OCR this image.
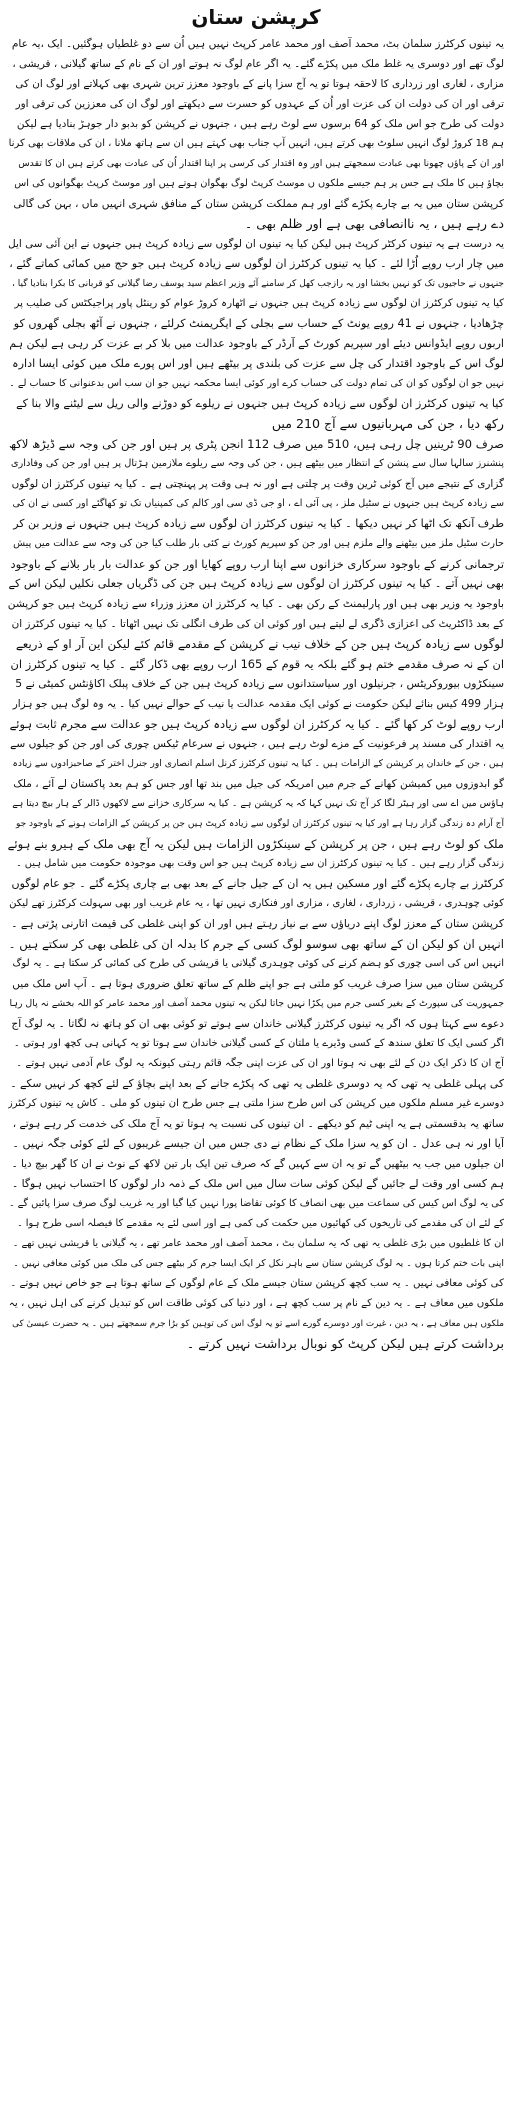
کرپشن ستان

یہ تینوں کرکٹرز سلمان بٹ، محمد آصف اور محمد عامر کرپٹ نہیں ہیں اُن سے دو غلطیاں ہوگئیں۔ ایک ،یہ عام
لوگ تھے اور دوسری یہ غلط ملک میں پکڑے گئے۔ یہ اگر عام لوگ نہ ہوتے اور ان کے نام کے ساتھ گیلانی ، قریشی ،
مزاری ، لغاری اور زرداری کا لاحقہ ہوتا تو یہ آج سزا پانے کے باوجود معزز ترین شہری بھی کہلاتے اور لوگ ان کی
ترقی اور ان کی دولت ان کی عزت اور اُن کے عہدوں کو حسرت سے دیکھتے اور لوگ ان کی معززین کی ترقی اور
دولت کی طرح جو اس ملک کو 64 برسوں سے لوٹ رہے ہیں ، جنہوں نے کرپشن کو بدبو دار جوہڑ بنادیا ہے لیکن
ہم 18 کروڑ لوگ انہیں سلوٹ بھی کرتے ہیں، انہیں آپ جناب بھی کہتے ہیں ان سے ہاتھ ملانا ، ان کی ملاقات بھی کرنا
اور ان کے پاؤں چھونا بھی عبادت سمجھتے ہیں اور وہ اقتدار کی کرسی پر اپنا اقتدار اُن کی عبادت بھی کرتے ہیں ان کا تقدس
بچاؤ ہیں کا ملک ہے جس پر ہم جیسے ملکوں ں موسٹ کرپٹ لوگ بھگوان ہوتے ہیں اور موسٹ کرپٹ بھگوانوں کی اس
کرپشن ستان میں یہ بے چارے پکڑے گئے اور ہم مملکت کرپشن ستان کے منافق شہری انہیں ماں ، بہن کی گالی
دے رہے ہیں ، یہ ناانصافی بھی ہے اور ظلم بھی ۔

یہ درست ہے یہ تینوں کرکٹر کرپٹ ہیں لیکن کیا یہ تینوں ان لوگوں سے زیادہ کرپٹ ہیں جنہوں نے این آئی سی ایل
میں چار ارب روپے اُڑا لئے ۔ کیا یہ تینوں کرکٹرز ان لوگوں سے زیادہ کرپٹ ہیں جو حج میں کمائی کماتے گئے ،
جنہوں نے حاجیوں تک کو نہیں بخشا اور یہ رازجب کھل کر سامنے آئے وزیر اعظم سید یوسف رضا گیلانی کو قربانی کا بکرا بنادیا گیا ،
کیا یہ تینوں کرکٹرز ان لوگوں سے زیادہ کرپٹ ہیں جنہوں نے اٹھارہ کروڑ عوام کو رینٹل پاور پراجیکٹس کی صلیب پر
چڑھادیا ، جنہوں نے 41 روپے یونٹ کے حساب سے بجلی کے ایگریمنٹ کرلئے ، جنہوں نے آٹھ بجلی گھروں کو
اربوں روپے ایڈوانس دیئے اور سپریم کورٹ کے آرڈر کے باوجود عدالت میں بلا کر بے عزت کر رہی ہے لیکن ہم
لوگ اس کے باوجود اقتدار کی چل سے عزت کی بلندی پر بیٹھے ہیں اور اس پورے ملک میں کوئی ایسا ادارہ
نہیں جو ان لوگوں کو ان کی تمام دولت کی حساب کرے اور کوئی ایسا محکمہ نہیں جو ان سب اس بدعنوانی کا حساب لے ۔

کیا یہ تینوں کرکٹرز ان لوگوں سے زیادہ کرپٹ ہیں جنہوں نے ریلوے کو دوڑنے والی ریل سے لیٹنے والا بنا کے
رکھ دیا ، جن کی مہربانیوں سے آج 210 میں
صرف 90 ٹرینیں چل رہی ہیں، 510 میں صرف 112 انجن پٹری پر ہیں اور جن کی وجہ سے ڈیڑھ لاکھ
پنشنرز سالہا سال سے پنشن کے انتظار میں بیٹھے ہیں ، جن کی وجہ سے ریلوے ملازمین ہڑتال پر ہیں اور جن کی وفاداری
گزاری کے نتیجے میں آج کوئی ٹرین وقت پر چلتی ہے اور نہ ہی وقت پر پہنچتی ہے ۔ کیا یہ تینوں کرکٹرز ان لوگوں
سے زیادہ کرپٹ ہیں جنہوں نے سٹیل ملز ، پی آئی اے ، او جی ڈی سی اور کالم کی کمپنیاں تک تو کھاگئے اور کسی نے ان کی
طرف آنکھ تک اٹھا کر نہیں دیکھا ۔ کیا یہ تینوں کرکٹرز ان لوگوں سے زیادہ کرپٹ ہیں جنہوں نے وزیر بن کر
حارث سٹیل ملز میں بیٹھنے والے ملزم ہیں اور جن کو سپریم کورٹ نے کئی بار طلب کیا جن کی وجہ سے عدالت میں پیش
ترجمانی کرنے کے باوجود سرکاری خزانوں سے اپنا ارب روپے کھایا اور جن کو عدالت بار بار بلانے کے باوجود
بھی نہیں آتے ۔ کیا یہ تینوں کرکٹرز ان لوگوں سے زیادہ کرپٹ ہیں جن کی ڈگریاں جعلی نکلیں لیکن اس کے
باوجود یہ وزیر بھی ہیں اور پارلیمنٹ کے رکن بھی ۔ کیا یہ کرکٹرز ان معزز وزراء سے زیادہ کرپٹ ہیں جو کرپشن
کے بعد ڈاکٹریٹ کی اعزازی ڈگری لے لیتے ہیں اور کوئی ان کی طرف انگلی تک نہیں اٹھاتا ۔ کیا یہ تینوں کرکٹرز ان
لوگوں سے زیادہ کرپٹ ہیں جن کے خلاف نیب نے کرپشن کے مقدمے قائم کئے لیکن این آر او کے ذریعے
ان کے نہ صرف مقدمے ختم ہو گئے بلکہ یہ قوم کے 165 ارب روپے بھی ڈکار گئے ۔ کیا یہ تینوں کرکٹرز ان
سینکڑوں بیوروکریٹس ، جرنیلوں اور سیاستدانوں سے زیادہ کرپٹ ہیں جن کے خلاف پبلک اکاؤنٹس کمیٹی نے 5
ہزار 499 کیس بنائے لیکن حکومت نے کوئی ایک مقدمہ عدالت یا نیب کے حوالے نہیں کیا ۔ یہ وہ لوگ ہیں جو ہزار
ارب روپے لوٹ کر کھا گئے ۔ کیا یہ کرکٹرز ان لوگوں سے زیادہ کرپٹ ہیں جو عدالت سے مجرم ثابت ہوئے
یہ اقتدار کی مسند پر فرعونیت کے مزے لوٹ رہے ہیں ، جنہوں نے سرعام ٹیکس چوری کی اور جن کو جیلوں سے
ہیں ، جن کے خاندان پر کرپشن کے الزامات ہیں ۔ کیا یہ تینوں کرکٹرز کرنل اسلم انصاری اور جنرل اختر کے صاحبزادوں سے زیادہ
گو ابدوزوں میں کمیشن کھانے کے جرم میں امریکہ کی جیل میں بند تھا اور جس کو ہم بعد پاکستان لے آئے ، ملک
ہاؤس میں اے سی اور ہیٹر لگا کر آج تک نہیں کہا کہ یہ کرپشن ہے ۔ کیا یہ سرکاری خزانے سے لاکھوں ڈالر کے ہار بیچ دیتا ہے
آج آرام دہ زندگی گزار رہا ہے اور کیا یہ تینوں کرکٹرز ان لوگوں سے زیادہ کرپٹ ہیں جن پر کرپشن کے الزامات ہونے کے باوجود جو
ملک کو لوٹ رہے ہیں ، جن پر کرپشن کے سینکڑوں الزامات ہیں لیکن یہ آج بھی ملک کے ہیرو بنے ہوئے
زندگی گزار رہے ہیں ۔ کیا یہ تینوں کرکٹرز ان سے زیادہ کرپٹ ہیں جو اس وقت بھی موجودہ حکومت میں شامل ہیں ۔

کرکٹرز بے چارے پکڑے گئے اور مسکین ہیں یہ ان کے جیل جانے کے بعد بھی بے چاری پکڑے گئے ۔ جو عام لوگوں
کوئی چوہدری ، قریشی ، زرداری ، لغاری ، مزاری اور فنکاری نہیں تھا ، یہ عام غریب اور بھی سہولت کرکٹرز تھے لیکن
کرپشن ستان کے معزز لوگ اپنے دریاؤں سے بے نیاز رہتے ہیں اور ان کو اپنی غلطی کی قیمت اتارنی پڑتی ہے ۔
انہیں ان کو لیکن ان کے ساتھ بھی سوسو لوگ کسی کے جرم کا بدلہ ان کی غلطی بھی کر سکتے ہیں ۔
انہیں اس کی اسی چوری کو ہضم کرنے کی کوئی چوہدری گیلانی یا قریشی کی طرح کی کمائی کر سکتا ہے ۔ یہ لوگ
کرپشن ستان میں سزا صرف غریب کو ملتی ہے جو اپنے ظلم کے ساتھ تعلق ضروری ہوتا ہے ۔ آپ اس ملک میں
جمہوریت کی سپورٹ کے بغیر کسی جرم میں پکڑا نہیں جاتا لیکن یہ تینوں محمد آصف اور محمد عامر کو اللہ بخشے نہ پال رہا
دعوے سے کہتا ہوں کہ اگر یہ تینوں کرکٹرز گیلانی خاندان سے ہوتے تو کوئی بھی ان کو ہاتھ نہ لگاتا ۔ یہ لوگ آج
اگر کسی ایک کا تعلق سندھ کے کسی وڈیرے یا ملتان کے کسی گیلانی خاندان سے ہوتا تو یہ کہانی ہی کچھ اور ہوتی ۔
آج ان کا ذکر ایک دن کے لئے بھی نہ ہوتا اور ان کی عزت اپنی جگہ قائم رہتی کیونکہ یہ لوگ عام آدمی نہیں ہوتے ۔
کی پہلی غلطی یہ تھی کہ یہ دوسری غلطی یہ تھی کہ پکڑے جانے کے بعد اپنے بچاؤ کے لئے کچھ کر نہیں سکے ۔
دوسرے غیر مسلم ملکوں میں کرپشن کی اس طرح سزا ملتی ہے جس طرح ان تینوں کو ملی ۔ کاش یہ تینوں کرکٹرز
ساتھ یہ بدقسمتی ہے یہ اپنی ٹیم کو دیکھے ۔ ان تینوں کی نسبت یہ ہوتا تو یہ آج ملک کی خدمت کر رہے ہوتے ،
آیا اور نہ ہی عدل ۔ ان کو یہ سزا ملک کے نظام نے دی جس میں ان جیسے غریبوں کے لئے کوئی جگہ نہیں ۔
ان جیلوں میں جب یہ بیٹھیں گے تو یہ ان سے کہیں گے کہ صرف تین ایک بار تین لاکھ کے نوٹ نے ان کا گھر بیچ دیا ۔
ہم کسی اور وقت لے جائیں گے لیکن کوئی سات سال میں اس ملک کے ذمہ دار لوگوں کا احتساب نہیں ہوگا ۔
کی یہ لوگ اس کیس کی سماعت میں بھی انصاف کا کوئی تقاضا پورا نہیں کیا گیا اور یہ غریب لوگ صرف سزا پائیں گے ۔
کے لئے ان کی مقدمے کی تاریخوں کی کھائیوں میں حکمت کی کمی ہے اور اسی لئے یہ مقدمے کا فیصلہ اسی طرح ہوا ۔
ان کا غلطیوں میں بڑی غلطی یہ تھی کہ یہ سلمان بٹ ، محمد آصف اور محمد عامر تھے ، یہ گیلانی یا قریشی نہیں تھے ۔
اپنی بات ختم کرتا ہوں ۔ یہ لوگ کرپشن ستان سے باہر نکل کر ایک ایسا جرم کر بیٹھے جس کی ملک میں کوئی معافی نہیں ۔
کی کوئی معافی نہیں ۔ یہ سب کچھ کرپشن ستان جیسے ملک کے عام لوگوں کے ساتھ ہوتا ہے جو خاص نہیں ہوتے ۔
ملکوں میں معاف ہے ۔ یہ دین کے نام پر سب کچھ ہے ، اور دنیا کی کوئی طاقت اس کو تبدیل کرنے کی اہل نہیں ، یہ
ملکوں ہیں معاف ہے ، یہ دین ، غیرت اور دوسرے گورے اسے تو یہ لوگ اس کی توہین کو بڑا جرم سمجھتے ہیں ۔ یہ حضرت عیسیٰ کی
برداشت کرتے ہیں لیکن کرپٹ کو نوبال برداشت نہیں کرتے ۔
